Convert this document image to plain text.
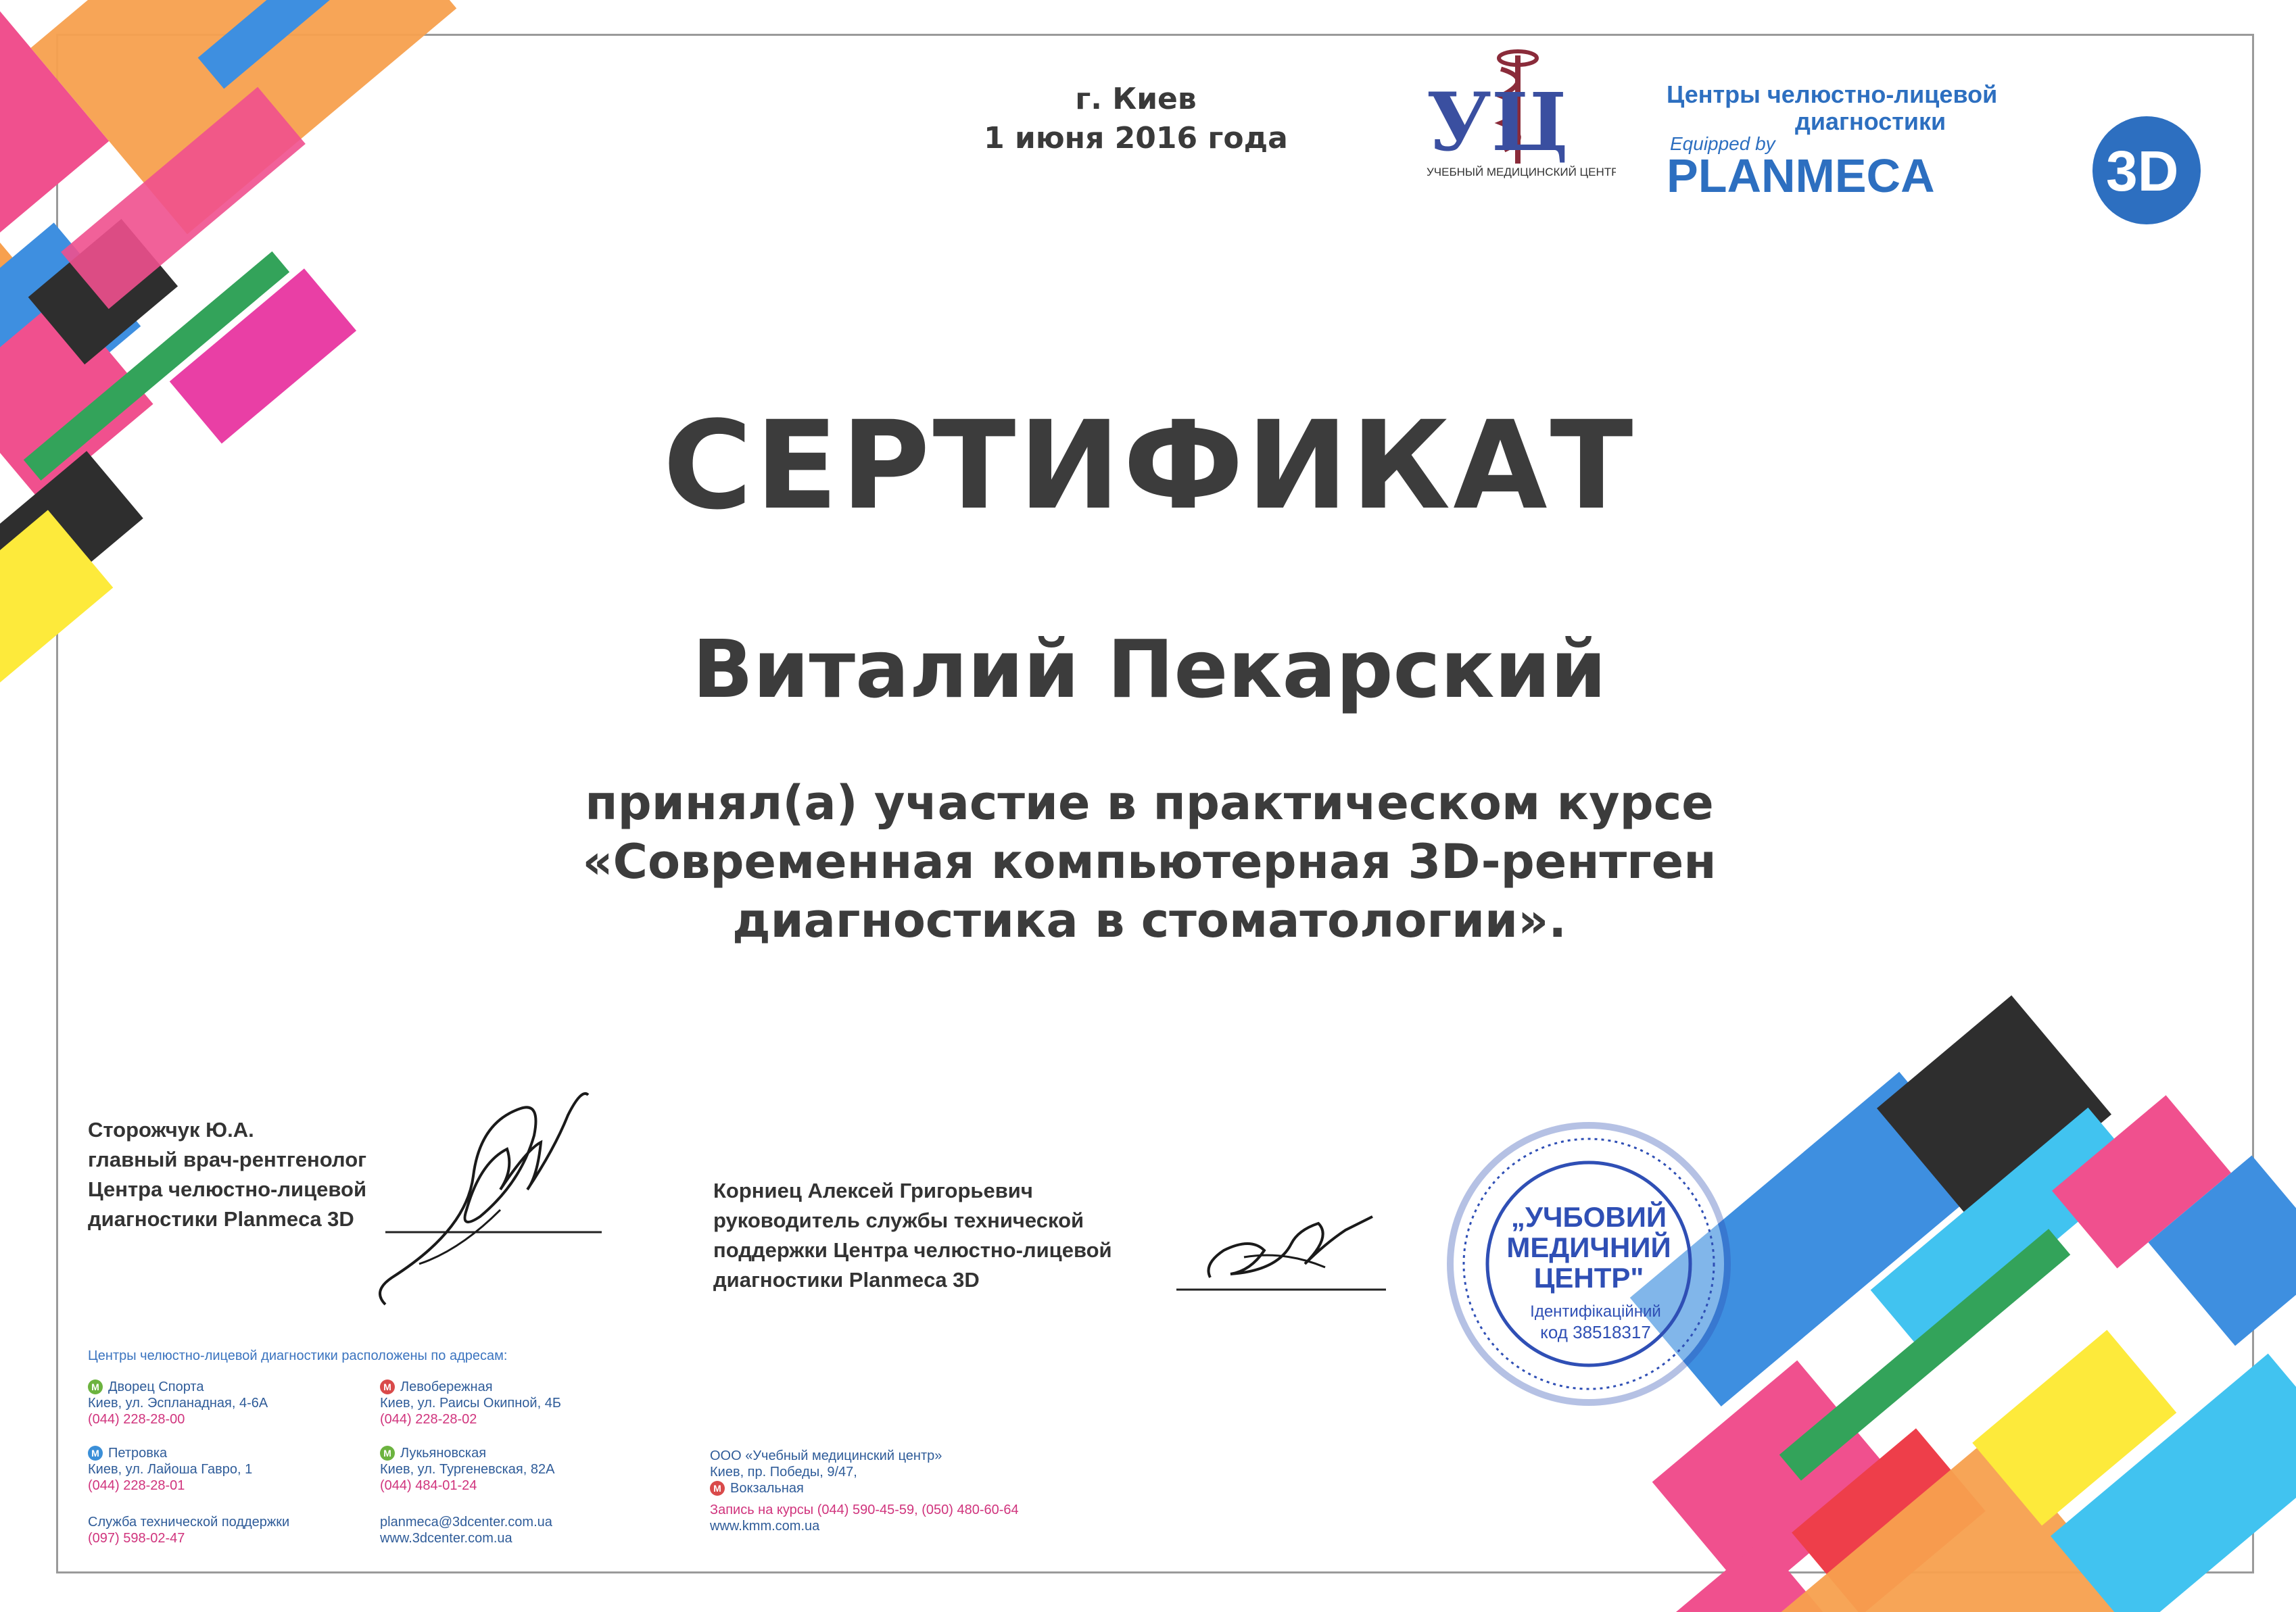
г. Киев
1 июня 2016 года	УЦ
УЧЕБНЫЙ МЕДИЦИНСКИЙ ЦЕНТР
Центры челюстно-лицевой
диагностики
Equipped by
PLANMECA	3D
СЕРТИФИКАТ
Виталий Пекарский
принял(а) участие в практическом курсе
«Современная компьютерная 3D-рентген
диагностика в стоматологии».
Сторожчук Ю.А.
главный врач-рентгенолог
Центра челюстно-лицевой
диагностики Planmeca 3D
Корниец Алексей Григорьевич
руководитель службы технической
поддержки Центра челюстно-лицевой
диагностики Planmeca 3D
„УЧБОВИЙ
МЕДИЧНИЙ
ЦЕНТР"
Ідентифікаційний
код 38518317
Центры челюстно-лицевой диагностики расположены по адресам:
M Дворец Спорта
Киев, ул. Эспланадная, 4-6А
(044) 228-28-00
M Левобережная
Киев, ул. Раисы Окипной, 4Б
(044) 228-28-02
M Петровка
Киев, ул. Лайоша Гавро, 1
(044) 228-28-01
M Лукьяновская
Киев, ул. Тургеневская, 82А
(044) 484-01-24
Служба технической поддержки
(097) 598-02-47
planmeca@3dcenter.com.ua
www.3dcenter.com.ua
ООО «Учебный медицинский центр»
Киев, пр. Победы, 9/47,
M Вокзальная
Запись на курсы (044) 590-45-59, (050) 480-60-64
www.kmm.com.ua
